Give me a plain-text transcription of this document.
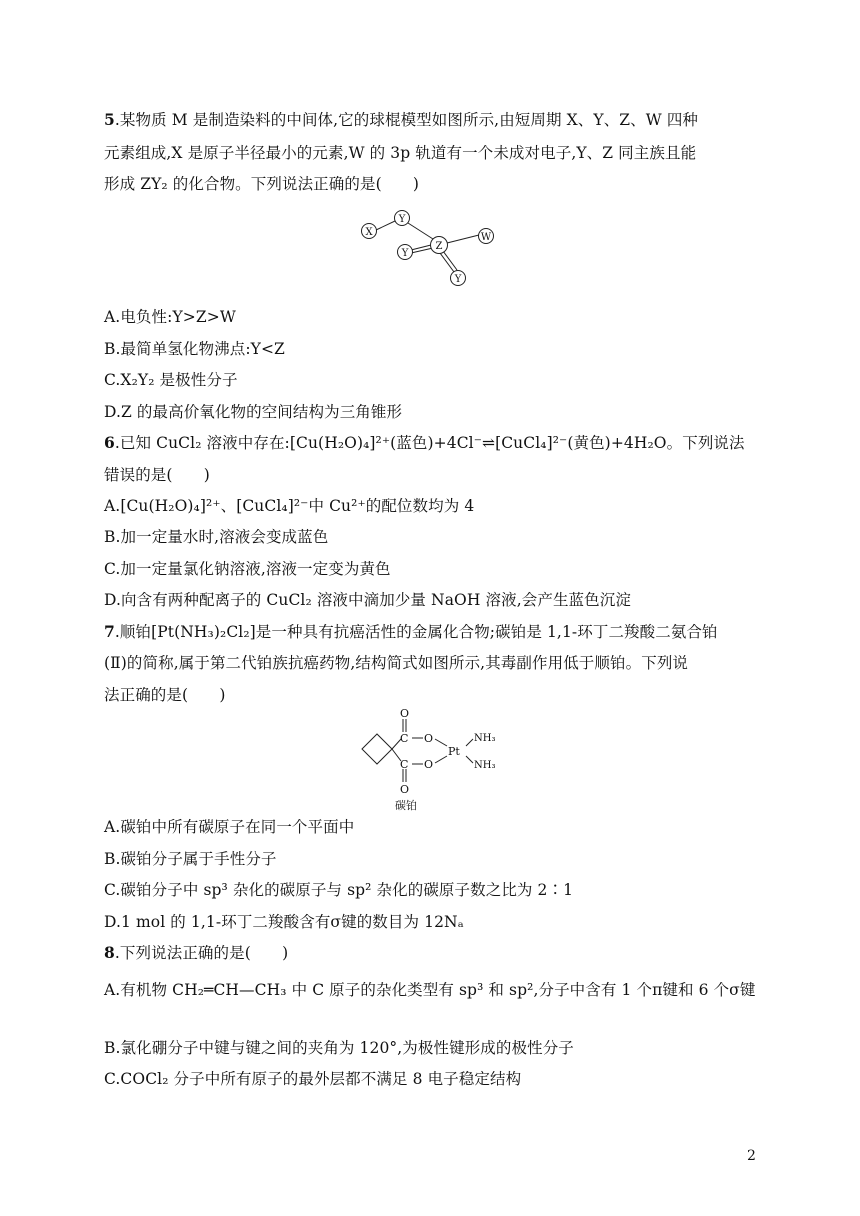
5.某物质 M 是制造染料的中间体,它的球棍模型如图所示,由短周期 X、Y、Z、W 四种
元素组成,X 是原子半径最小的元素,W 的 3p 轨道有一个未成对电子,Y、Z 同主族且能
形成 ZY₂ 的化合物。下列说法正确的是(　　)
X
Y
Y
Z
W
Y
A.电负性:Y>Z>W
B.最简单氢化物沸点:Y<Z
C.X₂Y₂ 是极性分子
D.Z 的最高价氧化物的空间结构为三角锥形
6.已知 CuCl₂ 溶液中存在:[Cu(H₂O)₄]²⁺(蓝色)+4Cl⁻⇌[CuCl₄]²⁻(黄色)+4H₂O。下列说法
错误的是(　　)
A.[Cu(H₂O)₄]²⁺、[CuCl₄]²⁻中 Cu²⁺的配位数均为 4
B.加一定量水时,溶液会变成蓝色
C.加一定量氯化钠溶液,溶液一定变为黄色
D.向含有两种配离子的 CuCl₂ 溶液中滴加少量 NaOH 溶液,会产生蓝色沉淀
7.顺铂[Pt(NH₃)₂Cl₂]是一种具有抗癌活性的金属化合物;碳铂是 1,1-环丁二羧酸二氨合铂
(Ⅱ)的简称,属于第二代铂族抗癌药物,结构简式如图所示,其毒副作用低于顺铂。下列说
法正确的是(　　)
O
C O
Pt
NH₃
NH₃
C O
O
碳铂
A.碳铂中所有碳原子在同一个平面中
B.碳铂分子属于手性分子
C.碳铂分子中 sp³ 杂化的碳原子与 sp² 杂化的碳原子数之比为 2∶1
D.1 mol 的 1,1-环丁二羧酸含有σ键的数目为 12Nₐ
8.下列说法正确的是(　　)
A.有机物 CH₂═CH—CH₃ 中 C 原子的杂化类型有 sp³ 和 sp²,分子中含有 1 个π键和 6 个σ键
B.氯化硼分子中键与键之间的夹角为 120°,为极性键形成的极性分子
C.COCl₂ 分子中所有原子的最外层都不满足 8 电子稳定结构
2
